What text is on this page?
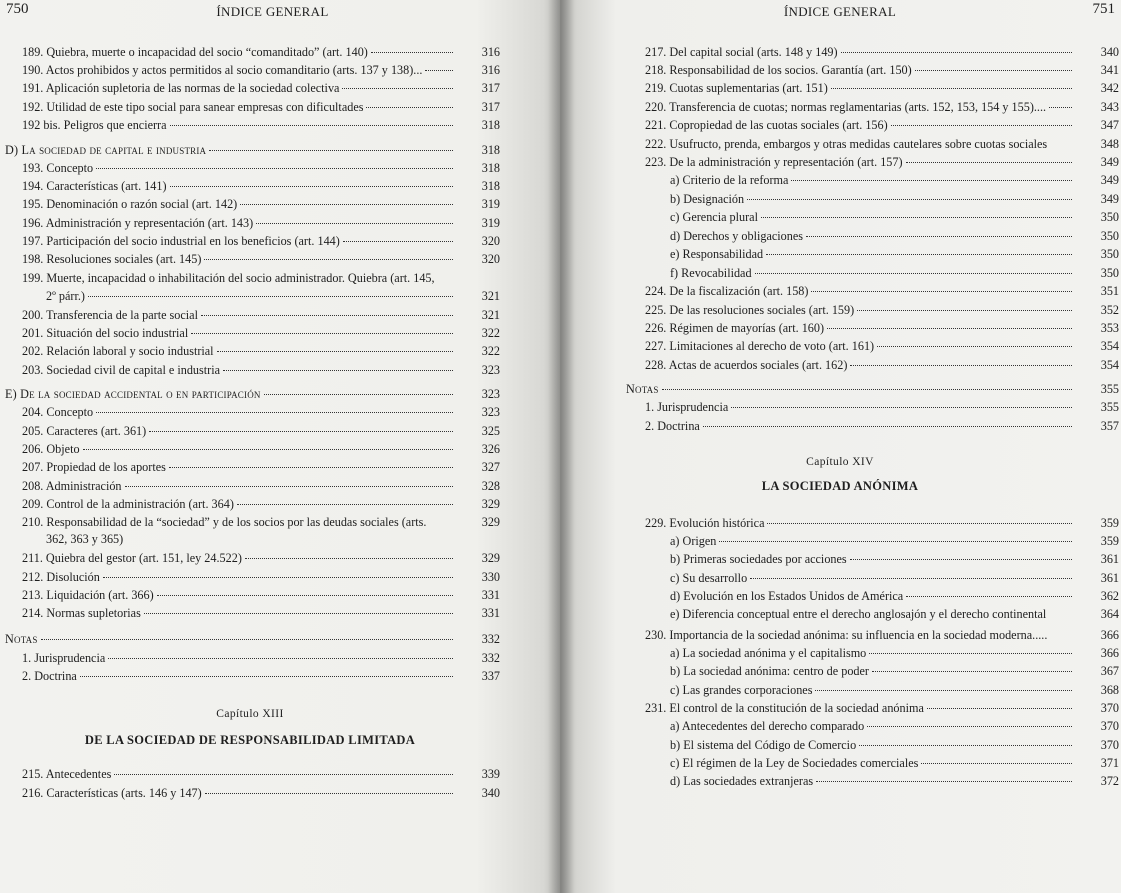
750	ÍNDICE GENERAL
189. Quiebra, muerte o incapacidad del socio “comanditado” (art. 140)	316
190. Actos prohibidos y actos permitidos al socio comanditario (arts. 137 y 138)...	316
191. Aplicación supletoria de las normas de la sociedad colectiva	317
192. Utilidad de este tipo social para sanear empresas con dificultades	317
192 bis. Peligros que encierra	318
D) La sociedad de capital e industria	318
193. Concepto	318
194. Características (art. 141)	318
195. Denominación o razón social (art. 142)	319
196. Administración y representación (art. 143)	319
197. Participación del socio industrial en los beneficios (art. 144)	320
198. Resoluciones sociales (art. 145)	320
199. Muerte, incapacidad o inhabilitación del socio administrador. Quiebra (art. 145,
2º párr.)	321
200. Transferencia de la parte social	321
201. Situación del socio industrial	322
202. Relación laboral y socio industrial	322
203. Sociedad civil de capital e industria	323
E) De la sociedad accidental o en participación	323
204. Concepto	323
205. Caracteres (art. 361)	325
206. Objeto	326
207. Propiedad de los aportes	327
208. Administración	328
209. Control de la administración (art. 364)	329
210. Responsabilidad de la “sociedad” y de los socios por las deudas sociales (arts.	329
362, 363 y 365)
211. Quiebra del gestor (art. 151, ley 24.522)	329
212. Disolución	330
213. Liquidación (art. 366)	331
214. Normas supletorias	331
Notas	332
1. Jurisprudencia	332
2. Doctrina	337
Capítulo XIII
DE LA SOCIEDAD DE RESPONSABILIDAD LIMITADA
215. Antecedentes	339
216. Características (arts. 146 y 147)	340
751
ÍNDICE GENERAL
217. Del capital social (arts. 148 y 149)	340
218. Responsabilidad de los socios. Garantía (art. 150)	341
219. Cuotas suplementarias (art. 151)	342
220. Transferencia de cuotas; normas reglamentarias (arts. 152, 153, 154 y 155)....	343
221. Copropiedad de las cuotas sociales (art. 156)	347
222. Usufructo, prenda, embargos y otras medidas cautelares sobre cuotas sociales	348
223. De la administración y representación (art. 157)	349
a) Criterio de la reforma	349
b) Designación	349
c) Gerencia plural	350
d) Derechos y obligaciones	350
e) Responsabilidad	350
f) Revocabilidad	350
224. De la fiscalización (art. 158)	351
225. De las resoluciones sociales (art. 159)	352
226. Régimen de mayorías (art. 160)	353
227. Limitaciones al derecho de voto (art. 161)	354
228. Actas de acuerdos sociales (art. 162)	354
Notas	355
1. Jurisprudencia	355
2. Doctrina	357
Capítulo XIV
LA SOCIEDAD ANÓNIMA
229. Evolución histórica	359
a) Origen	359
b) Primeras sociedades por acciones	361
c) Su desarrollo	361
d) Evolución en los Estados Unidos de América	362
e) Diferencia conceptual entre el derecho anglosajón y el derecho continental	364
230. Importancia de la sociedad anónima: su influencia en la sociedad moderna.....	366
a) La sociedad anónima y el capitalismo	366
b) La sociedad anónima: centro de poder	367
c) Las grandes corporaciones	368
231. El control de la constitución de la sociedad anónima	370
a) Antecedentes del derecho comparado	370
b) El sistema del Código de Comercio	370
c) El régimen de la Ley de Sociedades comerciales	371
d) Las sociedades extranjeras	372
